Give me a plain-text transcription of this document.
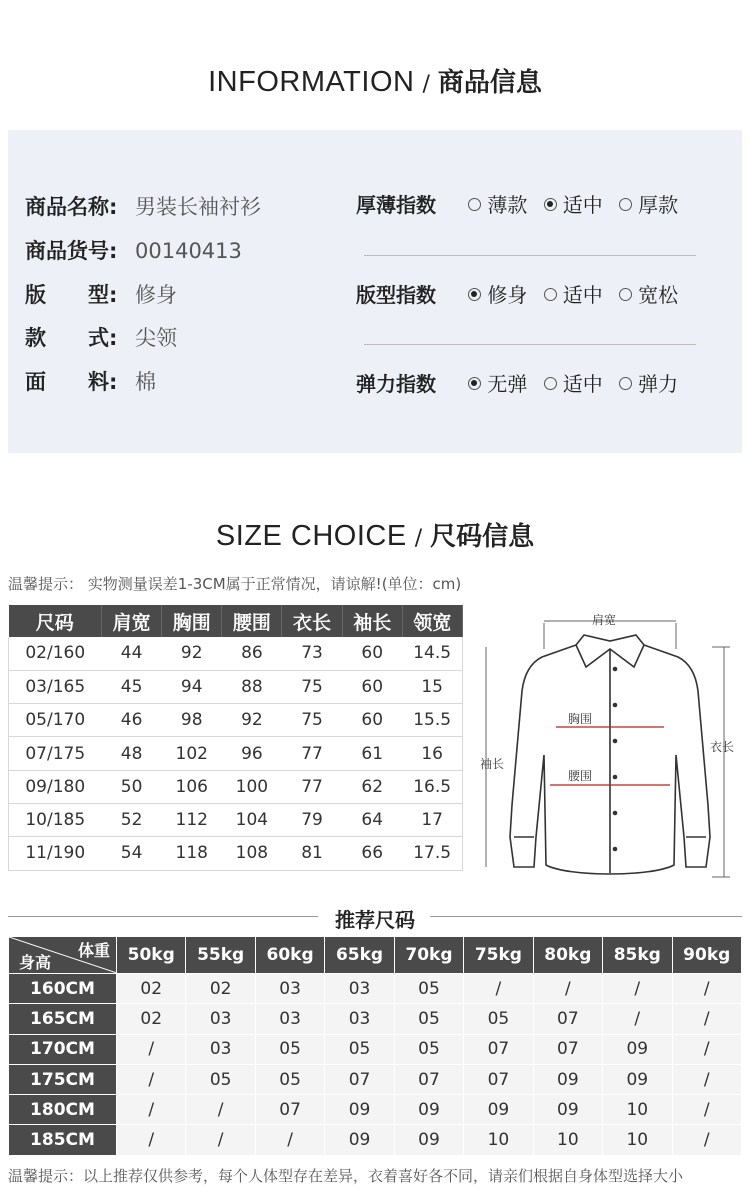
INFORMATION / 商品信息
商品名称: 男装长袖衬衫
商品货号: 00140413
版　　型: 修身
款　　式: 尖领
面　　料: 棉
厚薄指数	薄款 适中 厚款
版型指数	修身 适中 宽松
弹力指数	无弹 适中 弹力
SIZE CHOICE / 尺码信息
温馨提示： 实物测量误差1-3CM属于正常情况，请谅解!(单位：cm)
尺码	肩宽	胸围	腰围	衣长	袖长	领宽
02/160	44	92	86	73	60	14.5
03/165	45	94	88	75	60	15
05/170	46	98	92	75	60	15.5
07/175	48	102	96	77	61	16
09/180	50	106	100	77	62	16.5
10/185	52	112	104	79	64	17
11/190	54	118	108	81	66	17.5
肩宽
胸围
腰围
袖长
衣长
推荐尺码
体重
身高	50kg	55kg	60kg	65kg	70kg	75kg	80kg	85kg	90kg
160CM	02	02	03	03	05	/	/	/	/
165CM	02	03	03	03	05	05	07	/	/
170CM	/	03	05	05	05	07	07	09	/
175CM	/	05	05	07	07	07	09	09	/
180CM	/	/	07	09	09	09	09	10	/
185CM	/	/	/	09	09	10	10	10	/
温馨提示：以上推荐仅供参考，每个人体型存在差异，衣着喜好各不同，请亲们根据自身体型选择大小
